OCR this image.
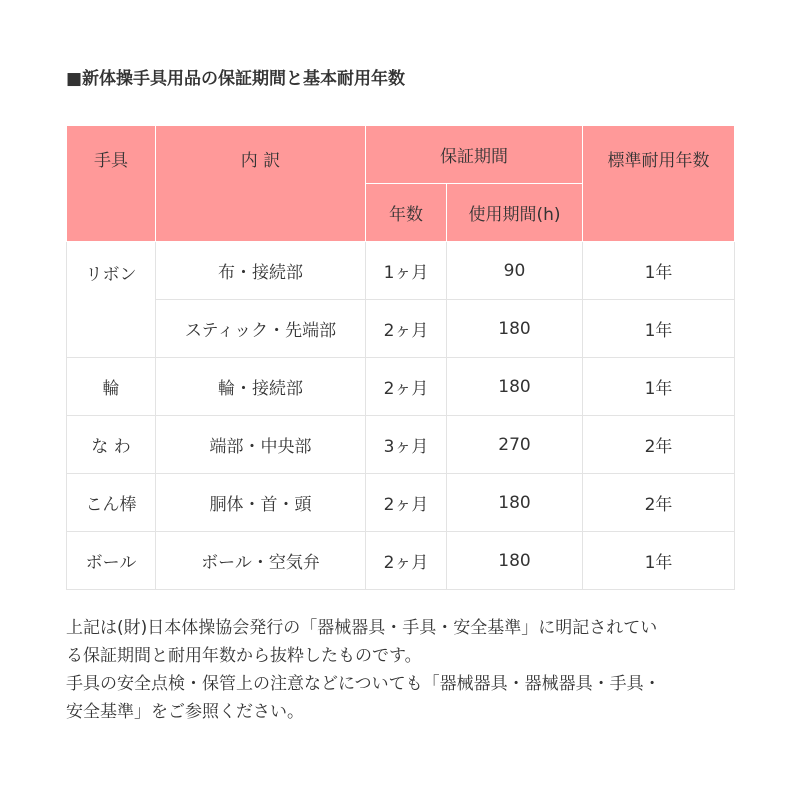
■新体操手具用品の保証期間と基本耐用年数
手具	内 訳	保証期間		標準耐用年数
		年数	使用期間(h)	
リボン	布・接続部	1ヶ月	90	1年
	スティック・先端部	2ヶ月	180	1年
輪	輪・接続部	2ヶ月	180	1年
な わ	端部・中央部	3ヶ月	270	2年
こん棒	胴体・首・頭	2ヶ月	180	2年
ボール	ボール・空気弁	2ヶ月	180	1年

上記は(財)日本体操協会発行の「器械器具・手具・安全基準」に明記されてい

る保証期間と耐用年数から抜粋したものです。

手具の安全点検・保管上の注意などについても「器械器具・器械器具・手具・

安全基準」をご参照ください。
